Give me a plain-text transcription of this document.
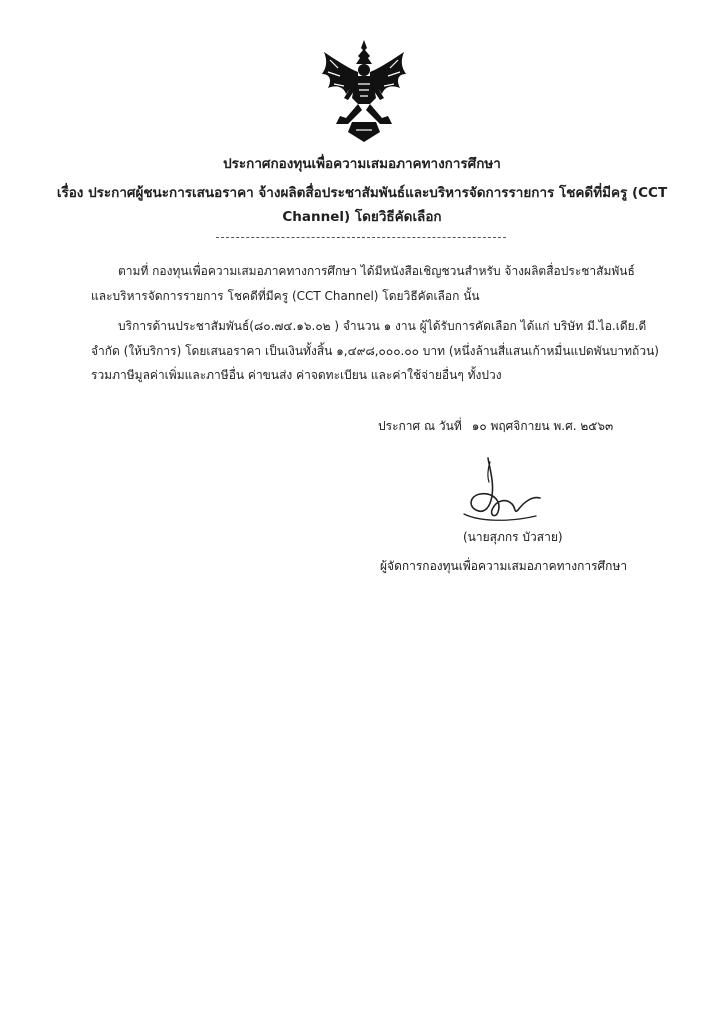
ประกาศกองทุนเพื่อความเสมอภาคทางการศึกษา
เรื่อง ประกาศผู้ชนะการเสนอราคา จ้างผลิตสื่อประชาสัมพันธ์และบริหารจัดการรายการ โชคดีที่มีครู (CCT
Channel) โดยวิธีคัดเลือก
ตามที่ กองทุนเพื่อความเสมอภาคทางการศึกษา ได้มีหนังสือเชิญชวนสำหรับ จ้างผลิตสื่อประชาสัมพันธ์
และบริหารจัดการรายการ โชคดีที่มีครู (CCT Channel) โดยวิธีคัดเลือก นั้น
บริการด้านประชาสัมพันธ์(๘๐.๗๔.๑๖.๐๒ ) จำนวน ๑ งาน ผู้ได้รับการคัดเลือก ได้แก่ บริษัท มี.ไอ.เดีย.ดี
จำกัด (ให้บริการ) โดยเสนอราคา เป็นเงินทั้งสิ้น ๑,๔๙๘,๐๐๐.๐๐ บาท (หนึ่งล้านสี่แสนเก้าหมื่นแปดพันบาทถ้วน)
รวมภาษีมูลค่าเพิ่มและภาษีอื่น ค่าขนส่ง ค่าจดทะเบียน และค่าใช้จ่ายอื่นๆ ทั้งปวง
ประกาศ ณ วันที่ ๑๐ พฤศจิกายน พ.ศ. ๒๕๖๓
(นายสุภกร บัวสาย)
ผู้จัดการกองทุนเพื่อความเสมอภาคทางการศึกษา
